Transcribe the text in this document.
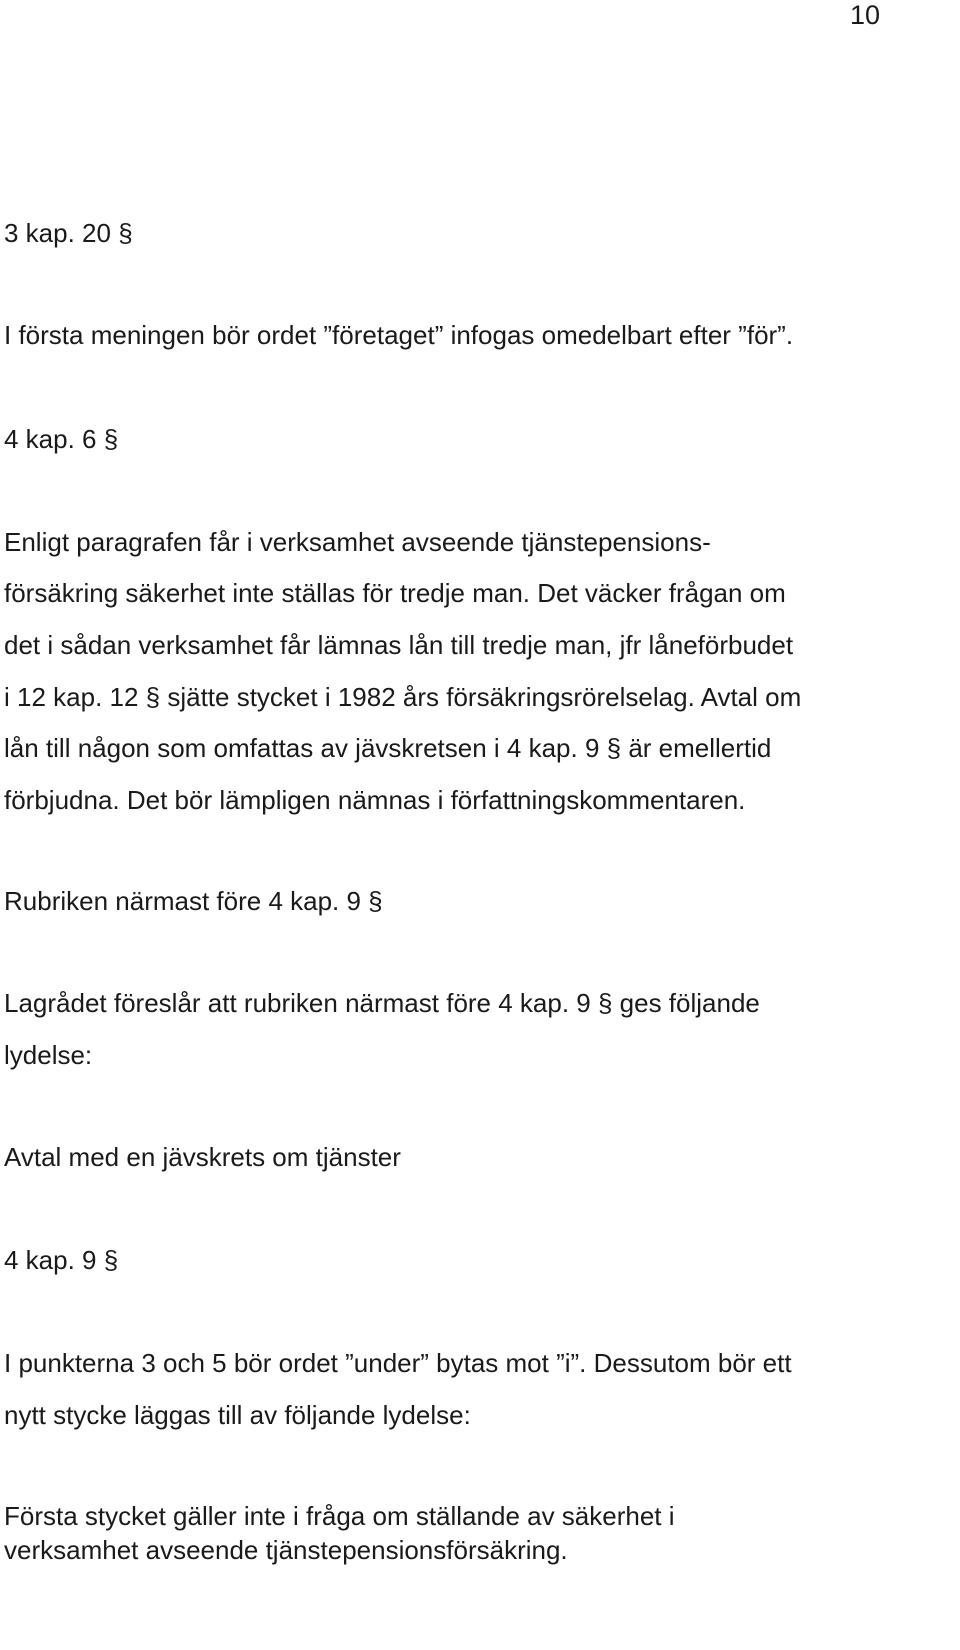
10
3 kap. 20 §
I första meningen bör ordet ”företaget” infogas omedelbart efter ”för”.
4 kap. 6 §
Enligt paragrafen får i verksamhet avseende tjänstepensions-
försäkring säkerhet inte ställas för tredje man. Det väcker frågan om
det i sådan verksamhet får lämnas lån till tredje man, jfr låneförbudet
i 12 kap. 12 § sjätte stycket i 1982 års försäkringsrörelselag. Avtal om
lån till någon som omfattas av jävskretsen i 4 kap. 9 § är emellertid
förbjudna. Det bör lämpligen nämnas i författningskommentaren.
Rubriken närmast före 4 kap. 9 §
Lagrådet föreslår att rubriken närmast före 4 kap. 9 § ges följande
lydelse:
Avtal med en jävskrets om tjänster
4 kap. 9 §
I punkterna 3 och 5 bör ordet ”under” bytas mot ”i”. Dessutom bör ett
nytt stycke läggas till av följande lydelse:
Första stycket gäller inte i fråga om ställande av säkerhet i
verksamhet avseende tjänstepensionsförsäkring.
